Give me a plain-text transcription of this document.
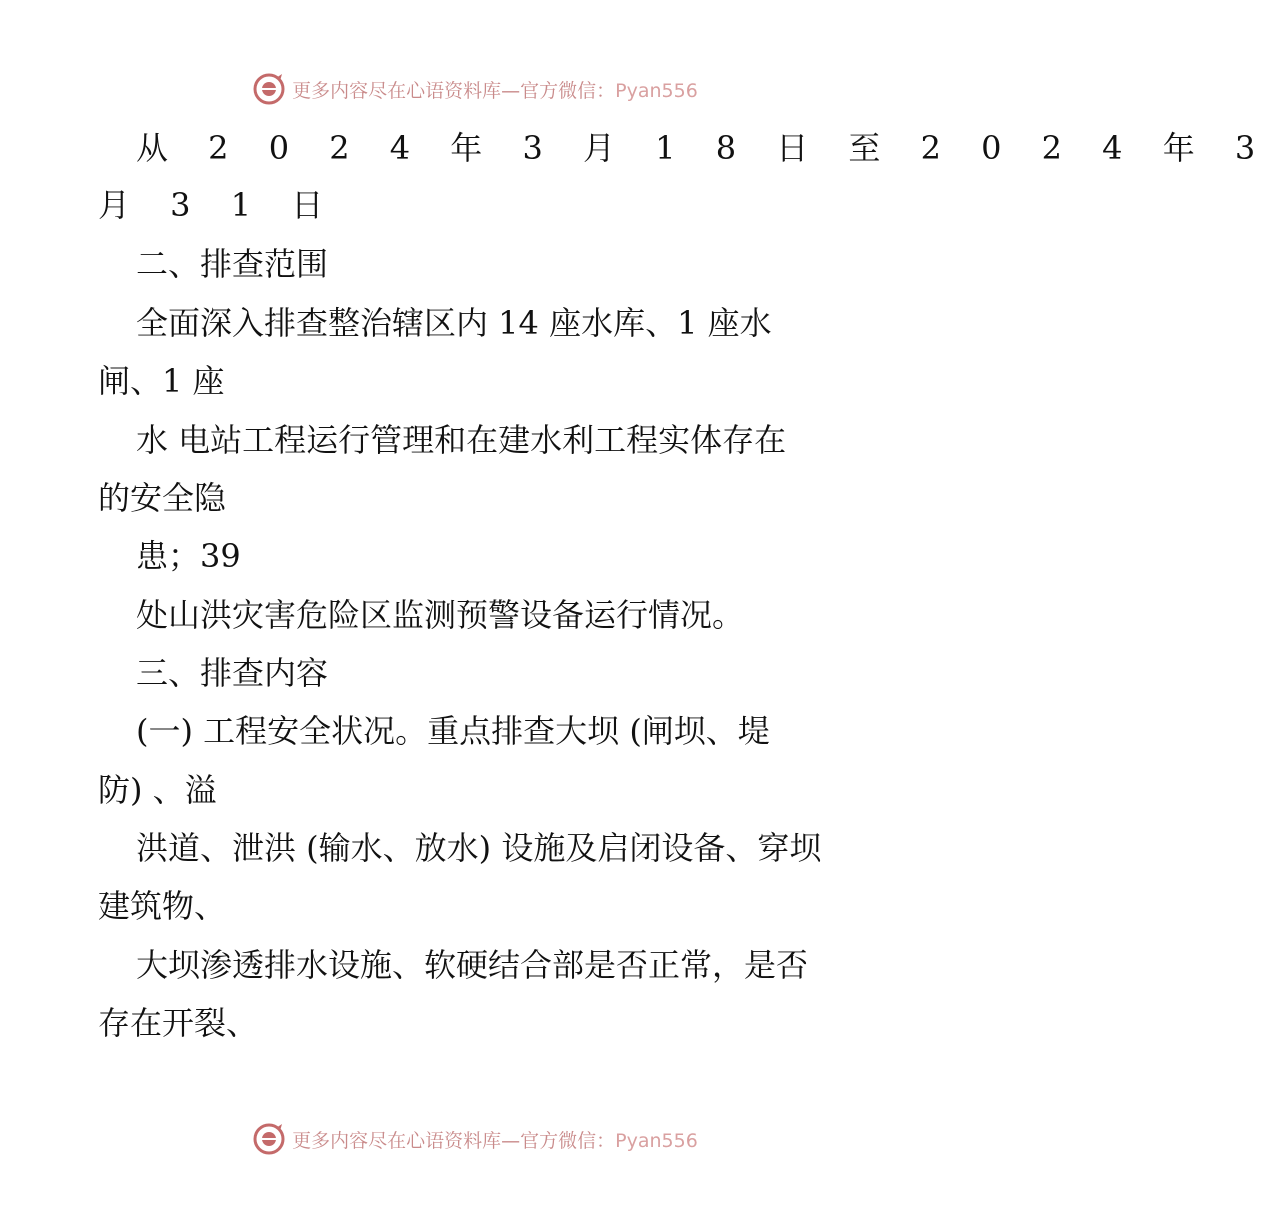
更多内容尽在心语资料库—官方微信：Pyan556
从 2 0 2 4 年 3 月 1 8 日 至 2 0 2 4 年 3
月 3 1 日
二、排查范围
全面深入排查整治辖区内 14 座水库、1 座水
闸、1 座
水 电站工程运行管理和在建水利工程实体存在
的安全隐
患；39
处山洪灾害危险区监测预警设备运行情况。
三、排查内容
(一) 工程安全状况。重点排查大坝 (闸坝、堤
防) 、溢
洪道、泄洪 (输水、放水) 设施及启闭设备、穿坝
建筑物、
大坝渗透排水设施、软硬结合部是否正常，是否
存在开裂、
更多内容尽在心语资料库—官方微信：Pyan556
